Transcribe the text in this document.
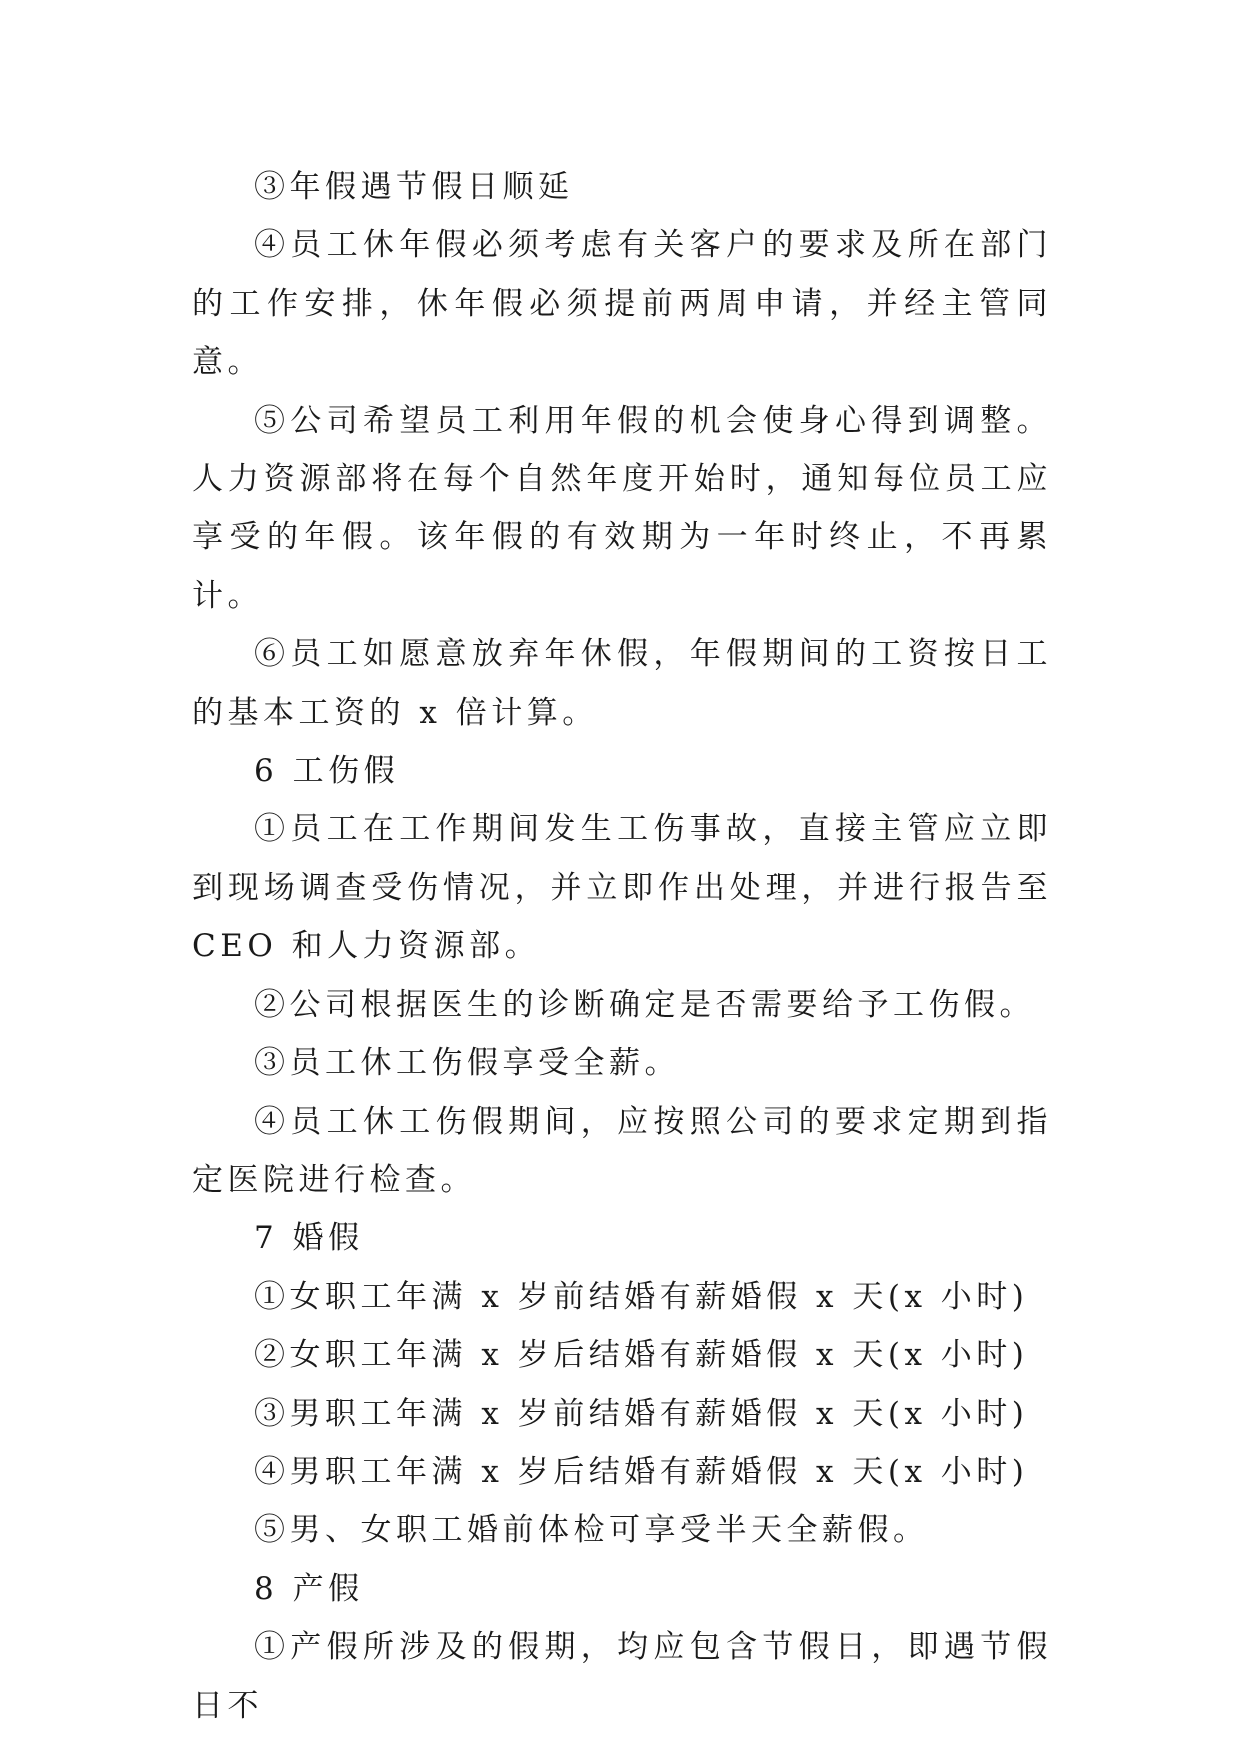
③年假遇节假日顺延

④员工休年假必须考虑有关客户的要求及所在部门的工作安排，休年假必须提前两周申请，并经主管同意。

⑤公司希望员工利用年假的机会使身心得到调整。人力资源部将在每个自然年度开始时，通知每位员工应享受的年假。该年假的有效期为一年时终止，不再累计。

⑥员工如愿意放弃年休假，年假期间的工资按日工的基本工资的 x 倍计算。

6 工伤假

①员工在工作期间发生工伤事故，直接主管应立即到现场调查受伤情况，并立即作出处理，并进行报告至 CEO 和人力资源部。

②公司根据医生的诊断确定是否需要给予工伤假。

③员工休工伤假享受全薪。

④员工休工伤假期间，应按照公司的要求定期到指定医院进行检查。

7 婚假

①女职工年满 x 岁前结婚有薪婚假 x 天(x 小时)

②女职工年满 x 岁后结婚有薪婚假 x 天(x 小时)

③男职工年满 x 岁前结婚有薪婚假 x 天(x 小时)

④男职工年满 x 岁后结婚有薪婚假 x 天(x 小时)

⑤男、女职工婚前体检可享受半天全薪假。

8 产假

①产假所涉及的假期，均应包含节假日，即遇节假日不
